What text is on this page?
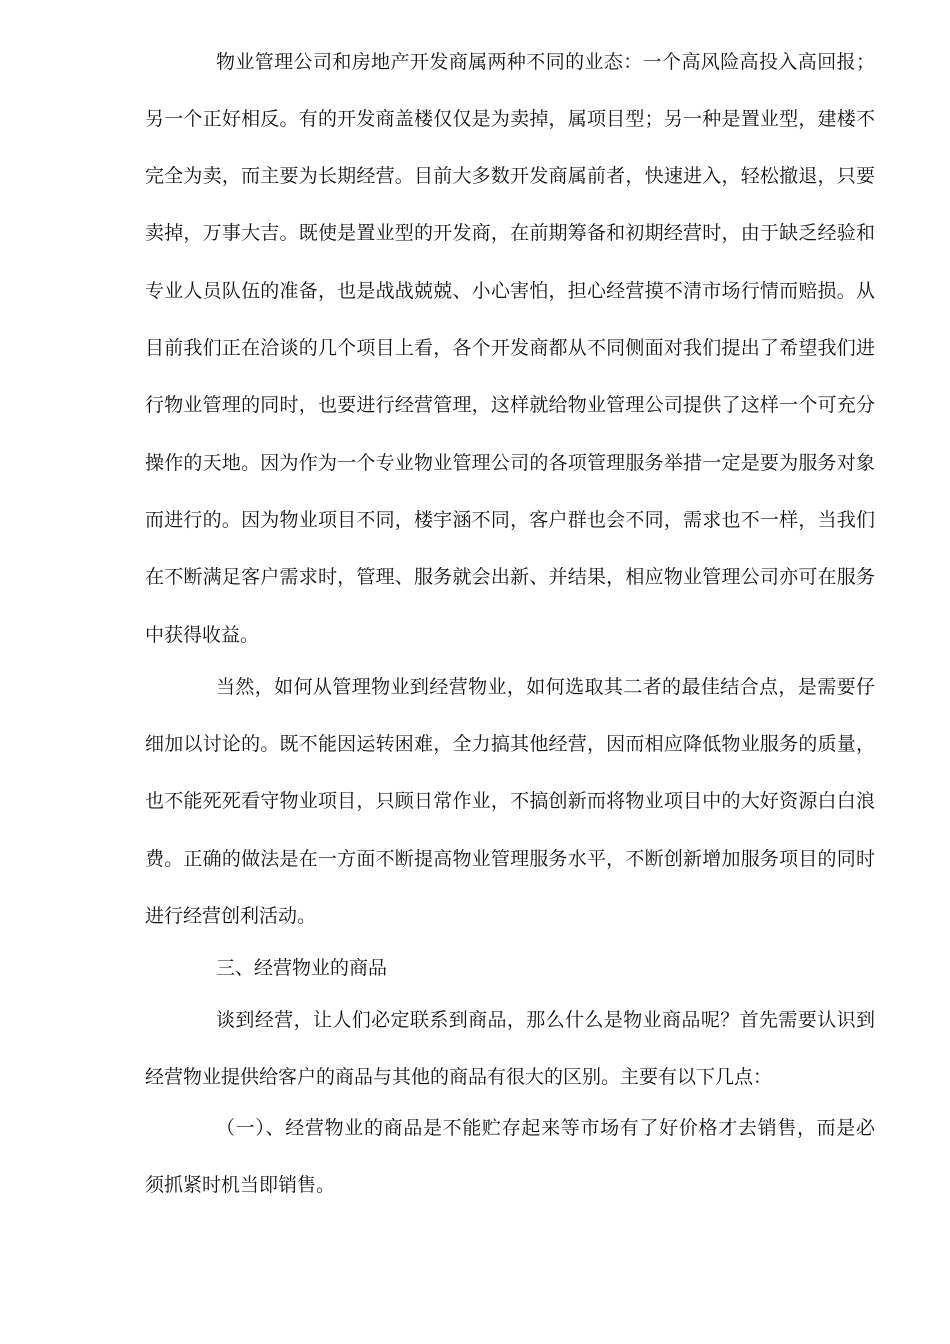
物业管理公司和房地产开发商属两种不同的业态：一个高风险高投入高回报；
另一个正好相反。有的开发商盖楼仅仅是为卖掉，属项目型；另一种是置业型，建楼不
完全为卖，而主要为长期经营。目前大多数开发商属前者，快速进入，轻松撤退，只要
卖掉，万事大吉。既使是置业型的开发商，在前期筹备和初期经营时，由于缺乏经验和
专业人员队伍的准备，也是战战兢兢、小心害怕，担心经营摸不清市场行情而赔损。从
目前我们正在洽谈的几个项目上看，各个开发商都从不同侧面对我们提出了希望我们进
行物业管理的同时，也要进行经营管理，这样就给物业管理公司提供了这样一个可充分
操作的天地。因为作为一个专业物业管理公司的各项管理服务举措一定是要为服务对象
而进行的。因为物业项目不同，楼宇涵不同，客户群也会不同，需求也不一样，当我们
在不断满足客户需求时，管理、服务就会出新、并结果，相应物业管理公司亦可在服务
中获得收益。
当然，如何从管理物业到经营物业，如何选取其二者的最佳结合点，是需要仔
细加以讨论的。既不能因运转困难，全力搞其他经营，因而相应降低物业服务的质量，
也不能死死看守物业项目，只顾日常作业，不搞创新而将物业项目中的大好资源白白浪
费。正确的做法是在一方面不断提高物业管理服务水平，不断创新增加服务项目的同时
进行经营创利活动。
三、经营物业的商品
谈到经营，让人们必定联系到商品，那么什么是物业商品呢？首先需要认识到
经营物业提供给客户的商品与其他的商品有很大的区别。主要有以下几点：
（一）、经营物业的商品是不能贮存起来等市场有了好价格才去销售，而是必
须抓紧时机当即销售。
